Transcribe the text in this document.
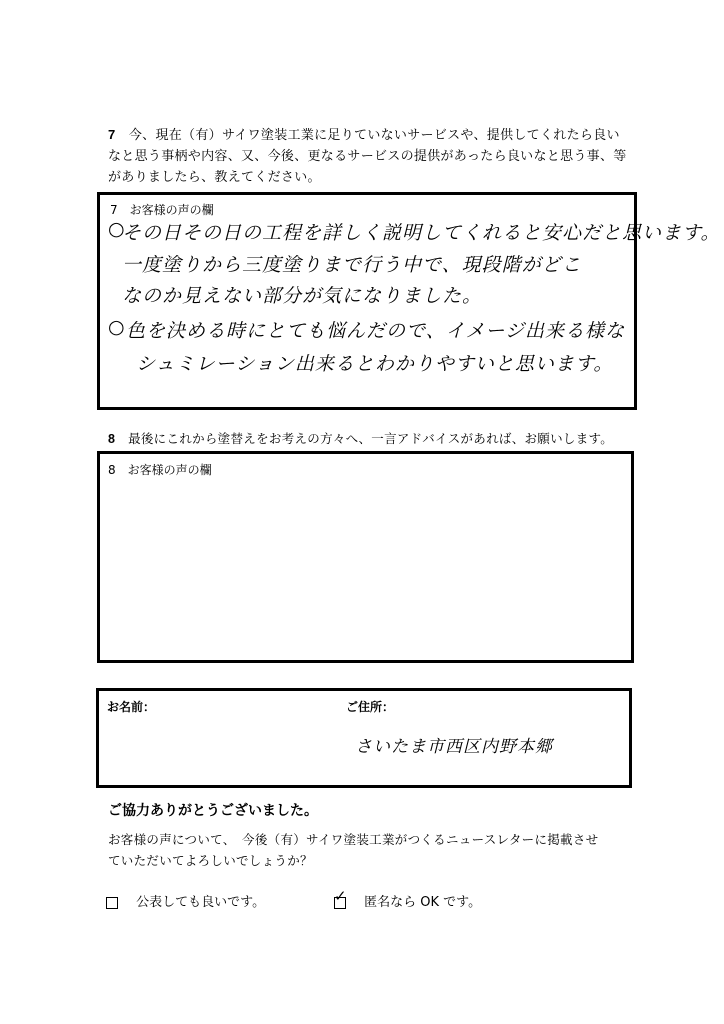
7　 今、現在（有）サイワ塗装工業に足りていないサービスや、提供してくれたら良い
なと思う事柄や内容、又、今後、更なるサービスの提供があったら良いなと思う事、等
がありましたら、教えてください。
7　お客様の声の欄
○
その日その日の工程を詳しく説明してくれると安心だと思います。
一度塗りから三度塗りまで行う中で、現段階がどこ
なのか見えない部分が気になりました。
○ 色を決める時にとても悩んだので、イメージ出来る様な
シュミレーション出来るとわかりやすいと思います。
8　 最後にこれから塗替えをお考えの方々へ、一言アドバイスがあれば、お願いします。
8　お客様の声の欄
お名前：	ご住所：
さいたま市西区内野本郷
ご協力ありがとうございました。
お客様の声について、　今後（有）サイワ塗装工業がつくるニュースレターに掲載させ
ていただいてよろしいでしょうか？
公表しても良いです。	✓ 匿名なら OK です。
